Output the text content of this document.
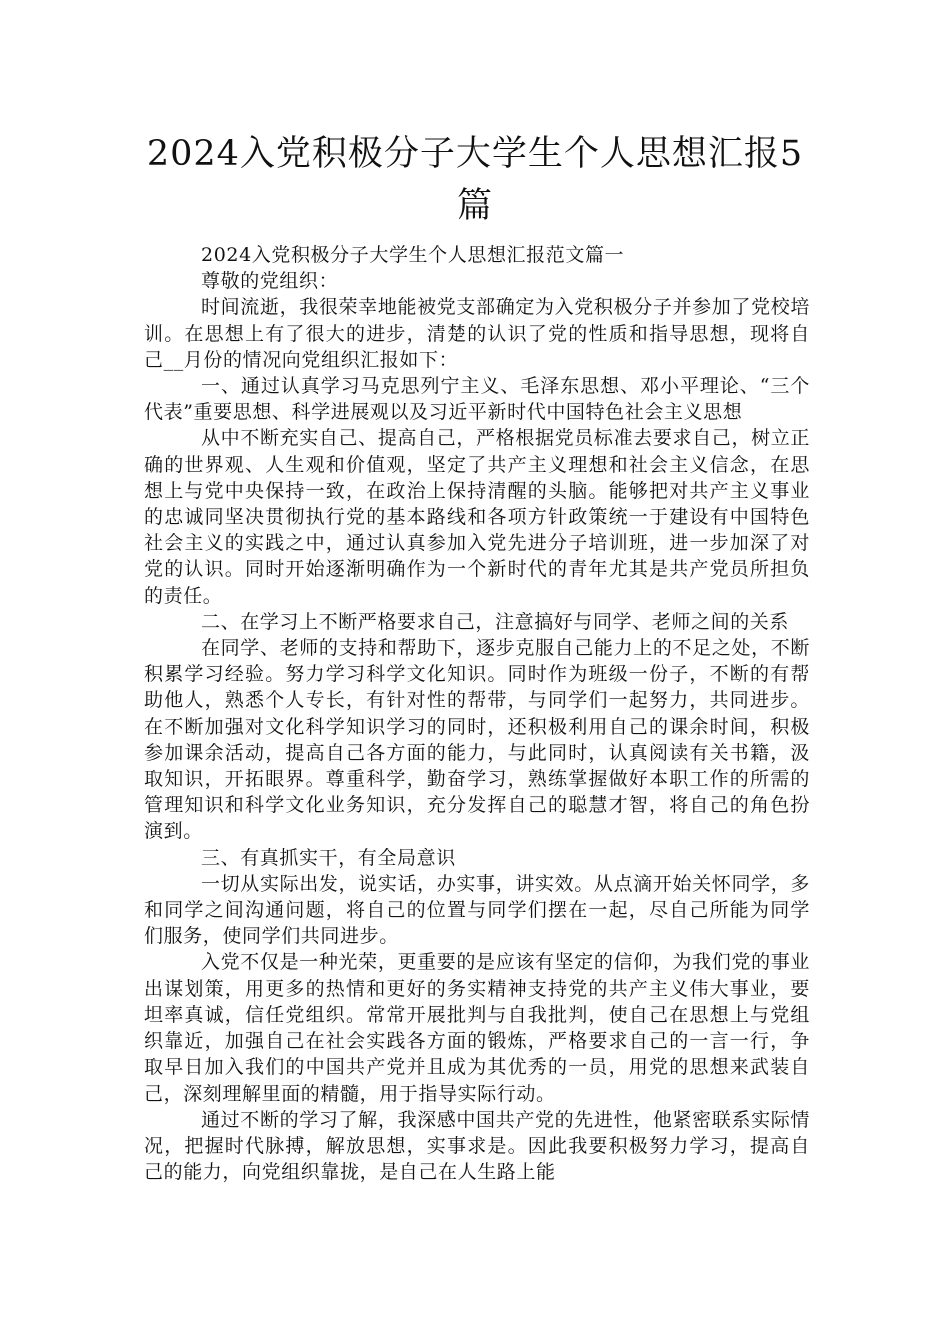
2024入党积极分子大学生个人思想汇报5篇

2024入党积极分子大学生个人思想汇报范文篇一

尊敬的党组织：

时间流逝，我很荣幸地能被党支部确定为入党积极分子并参加了党校培训。在思想上有了很大的进步，清楚的认识了党的性质和指导思想，现将自己__月份的情况向党组织汇报如下：

一、通过认真学习马克思列宁主义、毛泽东思想、邓小平理论、“三个代表”重要思想、科学进展观以及习近平新时代中国特色社会主义思想

从中不断充实自己、提高自己，严格根据党员标准去要求自己，树立正确的世界观、人生观和价值观，坚定了共产主义理想和社会主义信念，在思想上与党中央保持一致，在政治上保持清醒的头脑。能够把对共产主义事业的忠诚同坚决贯彻执行党的基本路线和各项方针政策统一于建设有中国特色社会主义的实践之中，通过认真参加入党先进分子培训班，进一步加深了对党的认识。同时开始逐渐明确作为一个新时代的青年尤其是共产党员所担负的责任。

二、在学习上不断严格要求自己，注意搞好与同学、老师之间的关系

在同学、老师的支持和帮助下，逐步克服自己能力上的不足之处，不断积累学习经验。努力学习科学文化知识。同时作为班级一份子，不断的有帮助他人，熟悉个人专长，有针对性的帮带，与同学们一起努力，共同进步。在不断加强对文化科学知识学习的同时，还积极利用自己的课余时间，积极参加课余活动，提高自己各方面的能力，与此同时，认真阅读有关书籍，汲取知识，开拓眼界。尊重科学，勤奋学习，熟练掌握做好本职工作的所需的管理知识和科学文化业务知识，充分发挥自己的聪慧才智，将自己的角色扮演到。

三、有真抓实干，有全局意识

一切从实际出发，说实话，办实事，讲实效。从点滴开始关怀同学，多和同学之间沟通问题，将自己的位置与同学们摆在一起，尽自己所能为同学们服务，使同学们共同进步。

入党不仅是一种光荣，更重要的是应该有坚定的信仰，为我们党的事业出谋划策，用更多的热情和更好的务实精神支持党的共产主义伟大事业，要坦率真诚，信任党组织。常常开展批判与自我批判，使自己在思想上与党组织靠近，加强自己在社会实践各方面的锻炼，严格要求自己的一言一行，争取早日加入我们的中国共产党并且成为其优秀的一员，用党的思想来武装自己，深刻理解里面的精髓，用于指导实际行动。

通过不断的学习了解，我深感中国共产党的先进性，他紧密联系实际情况，把握时代脉搏，解放思想，实事求是。因此我要积极努力学习，提高自己的能力，向党组织靠拢，是自己在人生路上能
